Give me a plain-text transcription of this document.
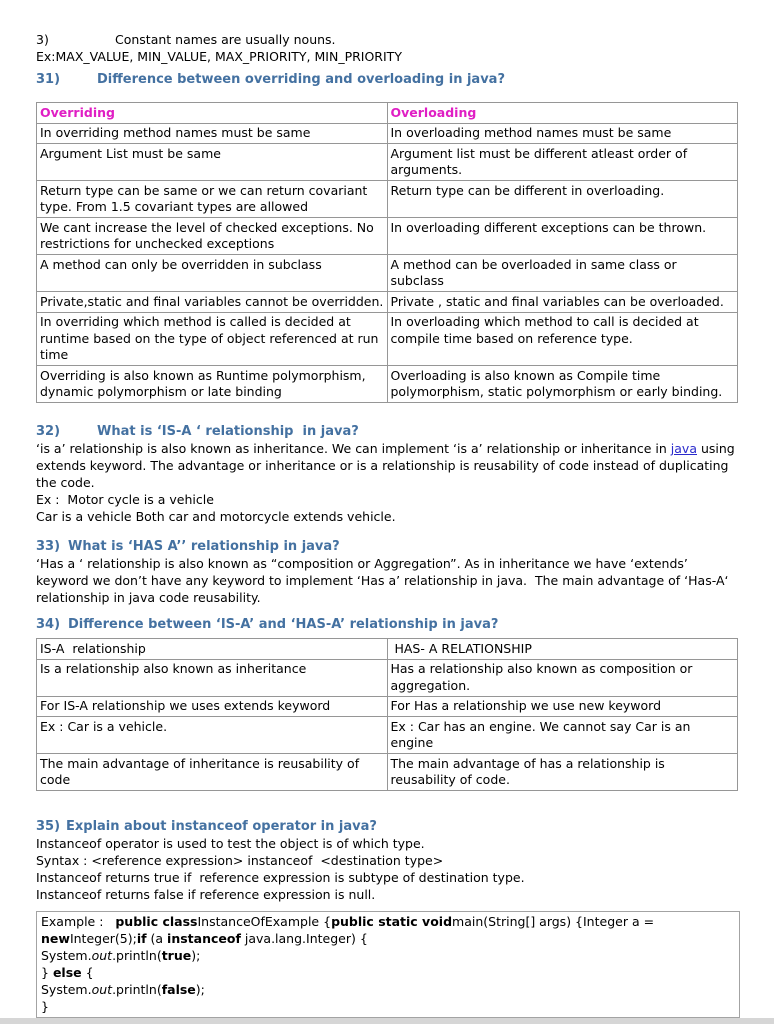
3)	Constant names are usually nouns.
Ex:MAX_VALUE, MIN_VALUE, MAX_PRIORITY, MIN_PRIORITY
31)	Difference between overriding and overloading in java?
Overriding	Overloading
In overriding method names must be same	In overloading method names must be same
Argument List must be same	Argument list must be different atleast order of arguments.
Return type can be same or we can return covariant type. From 1.5 covariant types are allowed	Return type can be different in overloading.
We cant increase the level of checked exceptions. No restrictions for unchecked exceptions	In overloading different exceptions can be thrown.
A method can only be overridden in subclass	A method can be overloaded in same class or subclass
Private,static and final variables cannot be overridden.	Private , static and final variables can be overloaded.
In overriding which method is called is decided at runtime based on the type of object referenced at run time	In overloading which method to call is decided at compile time based on reference type.
Overriding is also known as Runtime polymorphism, dynamic polymorphism or late binding	Overloading is also known as Compile time polymorphism, static polymorphism or early binding.
32)	What is ‘IS-A ‘ relationship  in java?
‘is a’ relationship is also known as inheritance. We can implement ‘is a’ relationship or inheritance in java using extends keyword. The advantage or inheritance or is a relationship is reusability of code instead of duplicating the code.
Ex :  Motor cycle is a vehicle
Car is a vehicle Both car and motorcycle extends vehicle.
33) What is ‘HAS A’’ relationship in java?
‘Has a ‘ relationship is also known as “composition or Aggregation”. As in inheritance we have ‘extends’ keyword we don’t have any keyword to implement ‘Has a’ relationship in java.  The main advantage of ‘Has-A‘ relationship in java code reusability.
34) Difference between ‘IS-A’ and ‘HAS-A’ relationship in java?
IS-A  relationship	HAS- A RELATIONSHIP
Is a relationship also known as inheritance	Has a relationship also known as composition or aggregation.
For IS-A relationship we uses extends keyword	For Has a relationship we use new keyword
Ex : Car is a vehicle.	Ex : Car has an engine. We cannot say Car is an engine
The main advantage of inheritance is reusability of code	The main advantage of has a relationship is reusability of code.
35) Explain about instanceof operator in java?
Instanceof operator is used to test the object is of which type.
Syntax : <reference expression> instanceof  <destination type>
Instanceof returns true if  reference expression is subtype of destination type.
Instanceof returns false if reference expression is null.
Example :   public classInstanceOfExample {public static voidmain(String[] args) {Integer a =
newInteger(5);if (a instanceof java.lang.Integer) {
System.out.println(true);
} else {
System.out.println(false);
}
